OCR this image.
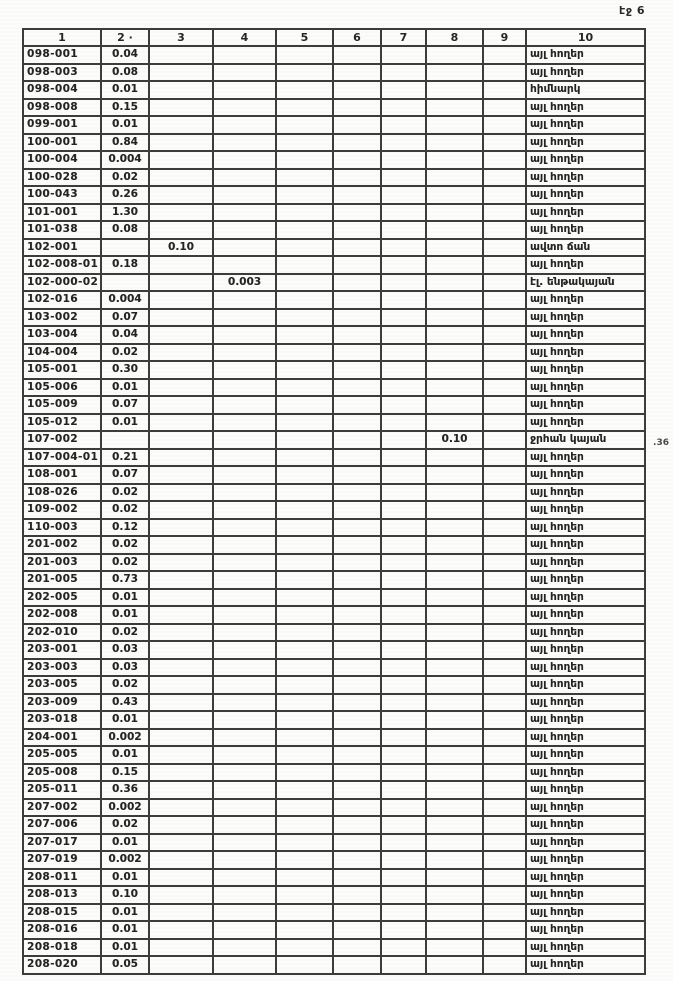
էջ 6
1	2 ·	3	4	5	6	7	8	9	10
098-001	0.04								այլ հողեր
098-003	0.08								այլ հողեր
098-004	0.01								հիմնարկ
098-008	0.15								այլ հողեր
099-001	0.01								այլ հողեր
100-001	0.84								այլ հողեր
100-004	0.004								այլ հողեր
100-028	0.02								այլ հողեր
100-043	0.26								այլ հողեր
101-001	1.30								այլ հողեր
101-038	0.08								այլ հողեր
102-001		0.10							ավտո ճան
102-008-01	0.18								այլ հողեր
102-000-02			0.003						էլ. ենթակայան
102-016	0.004								այլ հողեր
103-002	0.07								այլ հողեր
103-004	0.04								այլ հողեր
104-004	0.02								այլ հողեր
105-001	0.30								այլ հողեր
105-006	0.01								այլ հողեր
105-009	0.07								այլ հողեր
105-012	0.01								այլ հողեր
107-002							0.10		ջրհան կայան
107-004-01	0.21								այլ հողեր
108-001	0.07								այլ հողեր
108-026	0.02								այլ հողեր
109-002	0.02								այլ հողեր
110-003	0.12								այլ հողեր
201-002	0.02								այլ հողեր
201-003	0.02								այլ հողեր
201-005	0.73								այլ հողեր
202-005	0.01								այլ հողեր
202-008	0.01								այլ հողեր
202-010	0.02								այլ հողեր
203-001	0.03								այլ հողեր
203-003	0.03								այլ հողեր
203-005	0.02								այլ հողեր
203-009	0.43								այլ հողեր
203-018	0.01								այլ հողեր
204-001	0.002								այլ հողեր
205-005	0.01								այլ հողեր
205-008	0.15								այլ հողեր
205-011	0.36								այլ հողեր
207-002	0.002								այլ հողեր
207-006	0.02								այլ հողեր
207-017	0.01								այլ հողեր
207-019	0.002								այլ հողեր
208-011	0.01								այլ հողեր
208-013	0.10								այլ հողեր
208-015	0.01								այլ հողեր
208-016	0.01								այլ հողեր
208-018	0.01								այլ հողեր
208-020	0.05								այլ հողեր
.36
